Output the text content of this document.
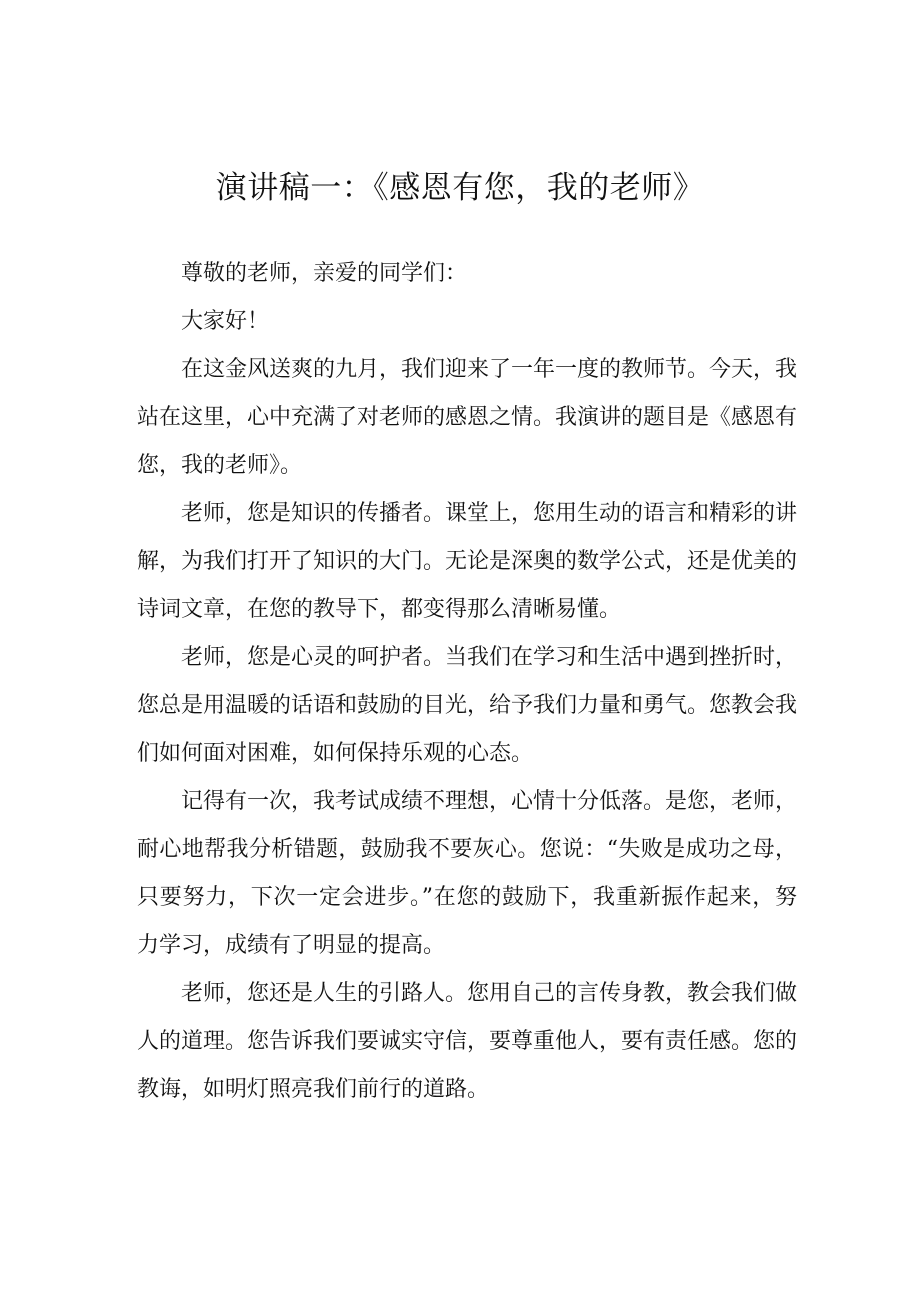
演讲稿一：《感恩有您，我的老师》

尊敬的老师，亲爱的同学们：

大家好！

在这金风送爽的九月，我们迎来了一年一度的教师节。今天，我站在这里，心中充满了对老师的感恩之情。我演讲的题目是《感恩有您，我的老师》。

老师，您是知识的传播者。课堂上，您用生动的语言和精彩的讲解，为我们打开了知识的大门。无论是深奥的数学公式，还是优美的诗词文章，在您的教导下，都变得那么清晰易懂。

老师，您是心灵的呵护者。当我们在学习和生活中遇到挫折时，您总是用温暖的话语和鼓励的目光，给予我们力量和勇气。您教会我们如何面对困难，如何保持乐观的心态。

记得有一次，我考试成绩不理想，心情十分低落。是您，老师，耐心地帮我分析错题，鼓励我不要灰心。您说：“失败是成功之母，只要努力，下次一定会进步。”在您的鼓励下，我重新振作起来，努力学习，成绩有了明显的提高。

老师，您还是人生的引路人。您用自己的言传身教，教会我们做人的道理。您告诉我们要诚实守信，要尊重他人，要有责任感。您的教诲，如明灯照亮我们前行的道路。
